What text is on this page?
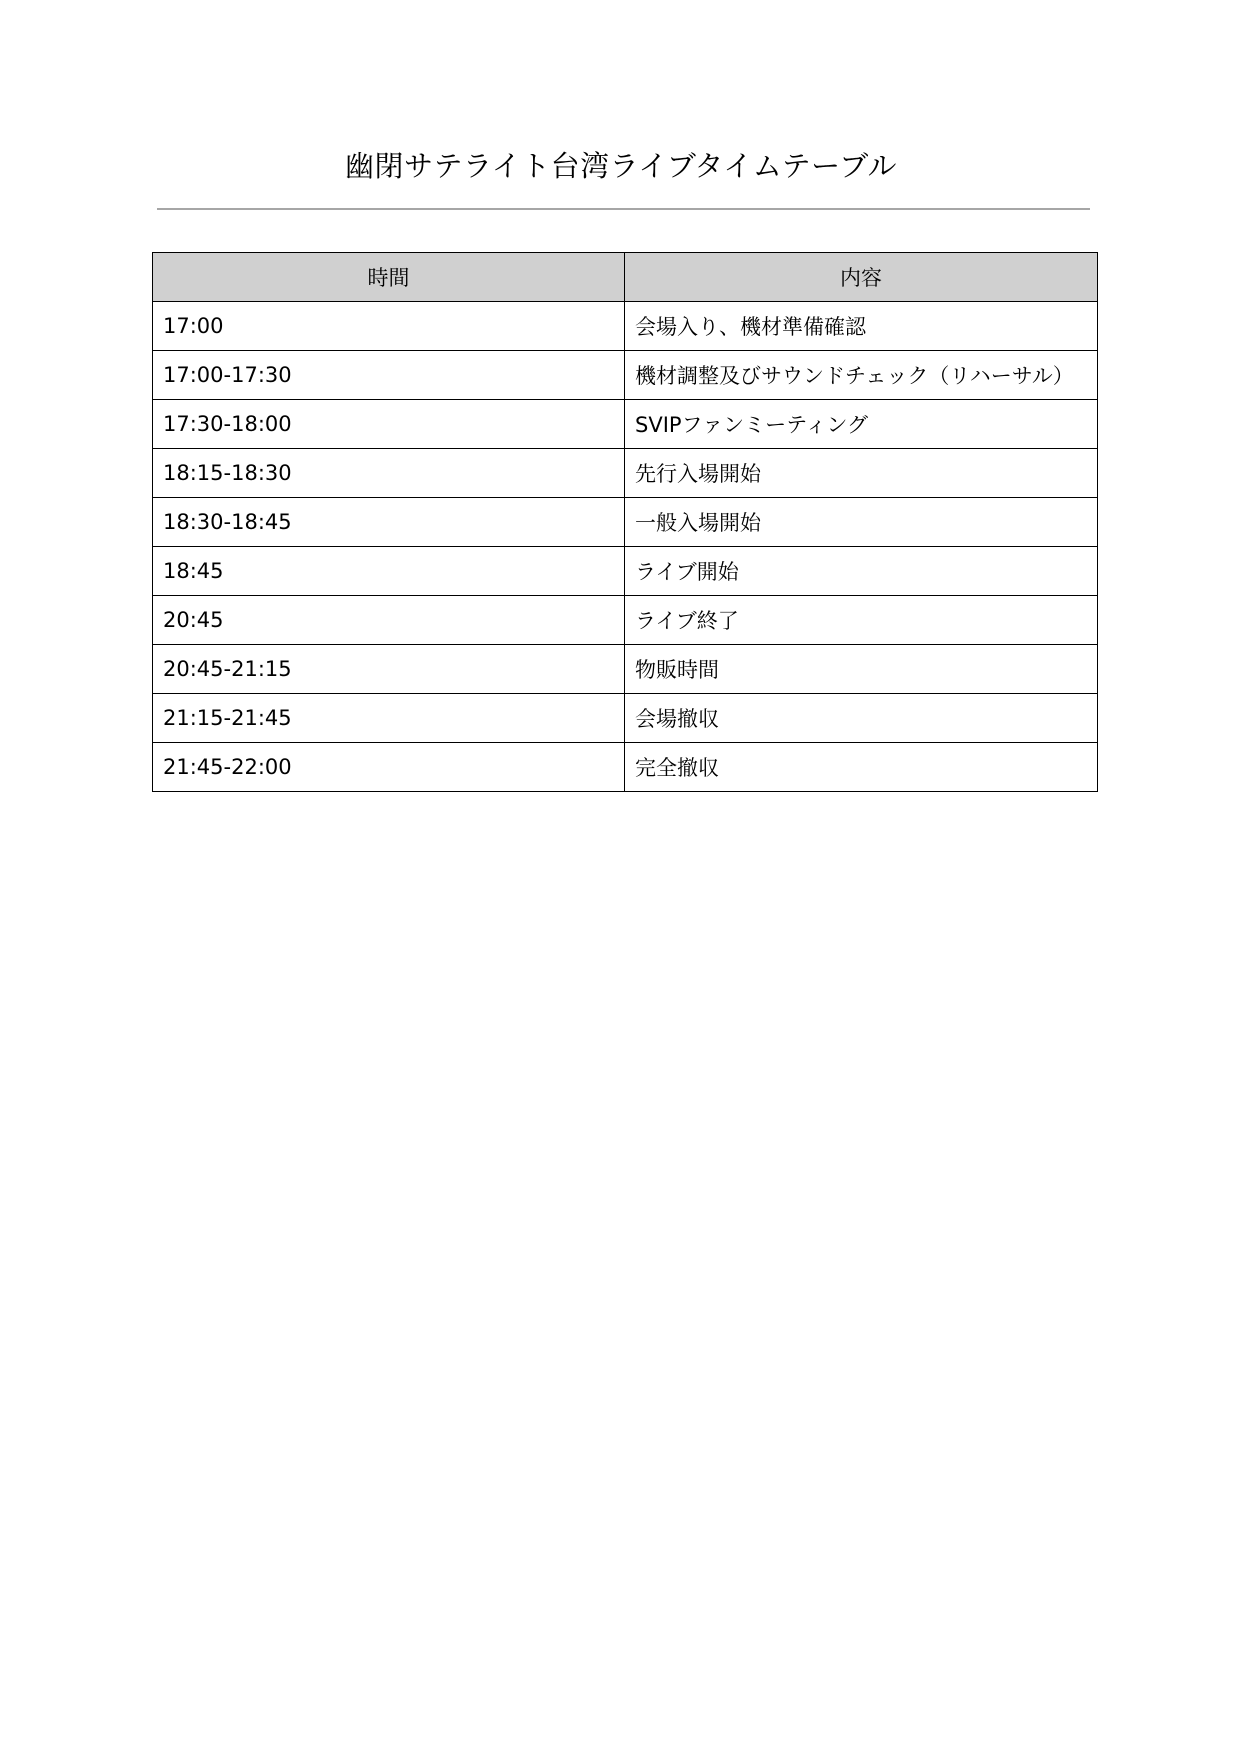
幽閉サテライト台湾ライブタイムテーブル
時間	内容
17:00	会場入り、機材準備確認
17:00-17:30	機材調整及びサウンドチェック（リハーサル）
17:30-18:00	SVIPファンミーティング
18:15-18:30	先行入場開始
18:30-18:45	一般入場開始
18:45	ライブ開始
20:45	ライブ終了
20:45-21:15	物販時間
21:15-21:45	会場撤収
21:45-22:00	完全撤収
